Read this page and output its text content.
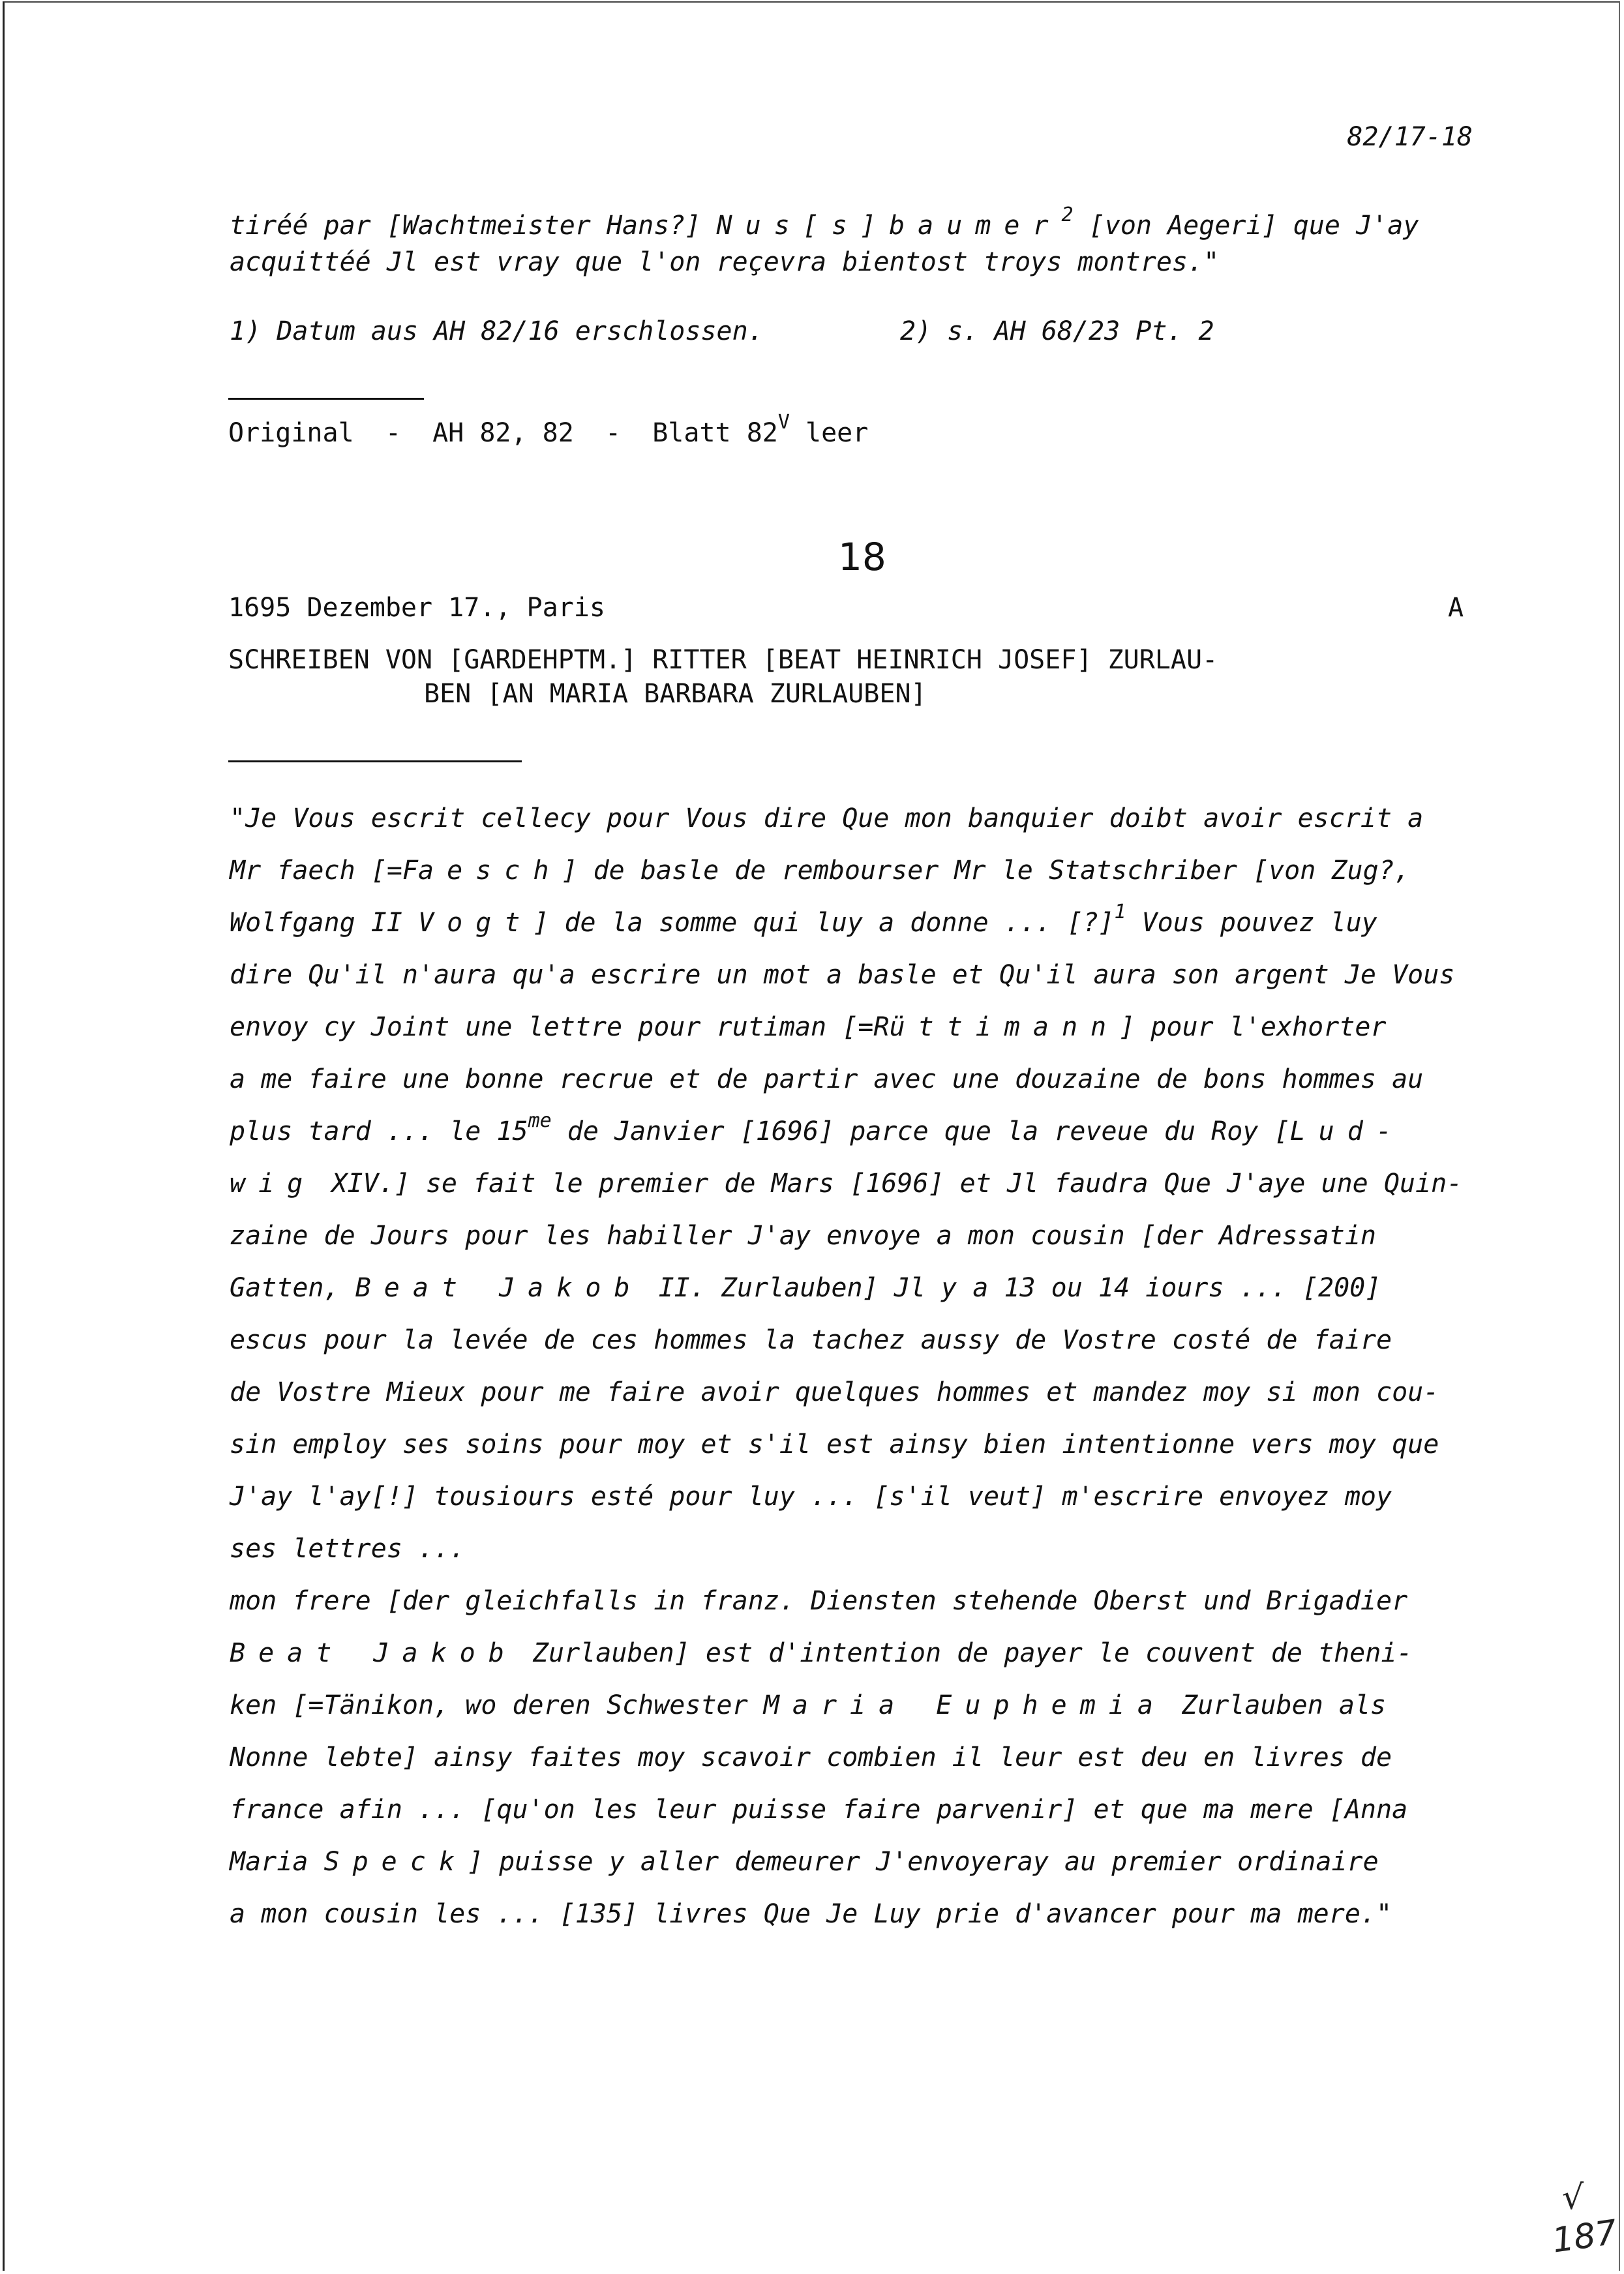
82/17-18
tiréé par [Wachtmeister Hans?] Nus[s]baumer$^2$ [von Aegeri] que J'ay
acquittéé Jl est vray que l'on reçevra bientost troys montres."
1) Datum aus AH 82/16 erschlossen.	2) s. AH 68/23 Pt. 2
Original  -  AH 82, 82  -  Blatt $82^V$ leer
18
1695 Dezember 17., Paris	A
SCHREIBEN VON [GARDEHPTM.] RITTER [BEAT HEINRICH JOSEF] ZURLAU-
BEN [AN MARIA BARBARA ZURLAUBEN]
"Je Vous escrit cellecy pour Vous dire Que mon banquier doibt avoir escrit a
Mr faech [=Faesch] de basle de rembourser Mr le Statschriber [von Zug?,
Wolfgang II Vogt] de la somme qui luy a donne ... [?]$^1$ Vous pouvez luy
dire Qu'il n'aura qu'a escrire un mot a basle et Qu'il aura son argent Je Vous
envoy cy Joint une lettre pour rutiman [=Rüttimann] pour l'exhorter
a me faire une bonne recrue et de partir avec une douzaine de bons hommes au
plus tard ... le $15^{me}$ de Janvier [1696] parce que la reveue du Roy [Lud-
wig XIV.] se fait le premier de Mars [1696] et Jl faudra Que J'aye une Quin-
zaine de Jours pour les habiller J'ay envoye a mon cousin [der Adressatin
Gatten, Beat Jakob II. Zurlauben] Jl y a 13 ou 14 iours ... [200]
escus pour la levée de ces hommes la tachez aussy de Vostre costé de faire
de Vostre Mieux pour me faire avoir quelques hommes et mandez moy si mon cou-
sin employ ses soins pour moy et s'il est ainsy bien intentionne vers moy que
J'ay l'ay[!] tousiours esté pour luy ... [s'il veut] m'escrire envoyez moy
ses lettres ...
mon frere [der gleichfalls in franz. Diensten stehende Oberst und Brigadier
Beat Jakob Zurlauben] est d'intention de payer le couvent de theni-
ken [=Tänikon, wo deren Schwester Maria Euphemia Zurlauben als
Nonne lebte] ainsy faites moy scavoir combien il leur est deu en livres de
france afin ... [qu'on les leur puisse faire parvenir] et que ma mere [Anna
Maria Speck] puisse y aller demeurer J'envoyeray au premier ordinaire
a mon cousin les ... [135] livres Que Je Luy prie d'avancer pour ma mere."
√
187
